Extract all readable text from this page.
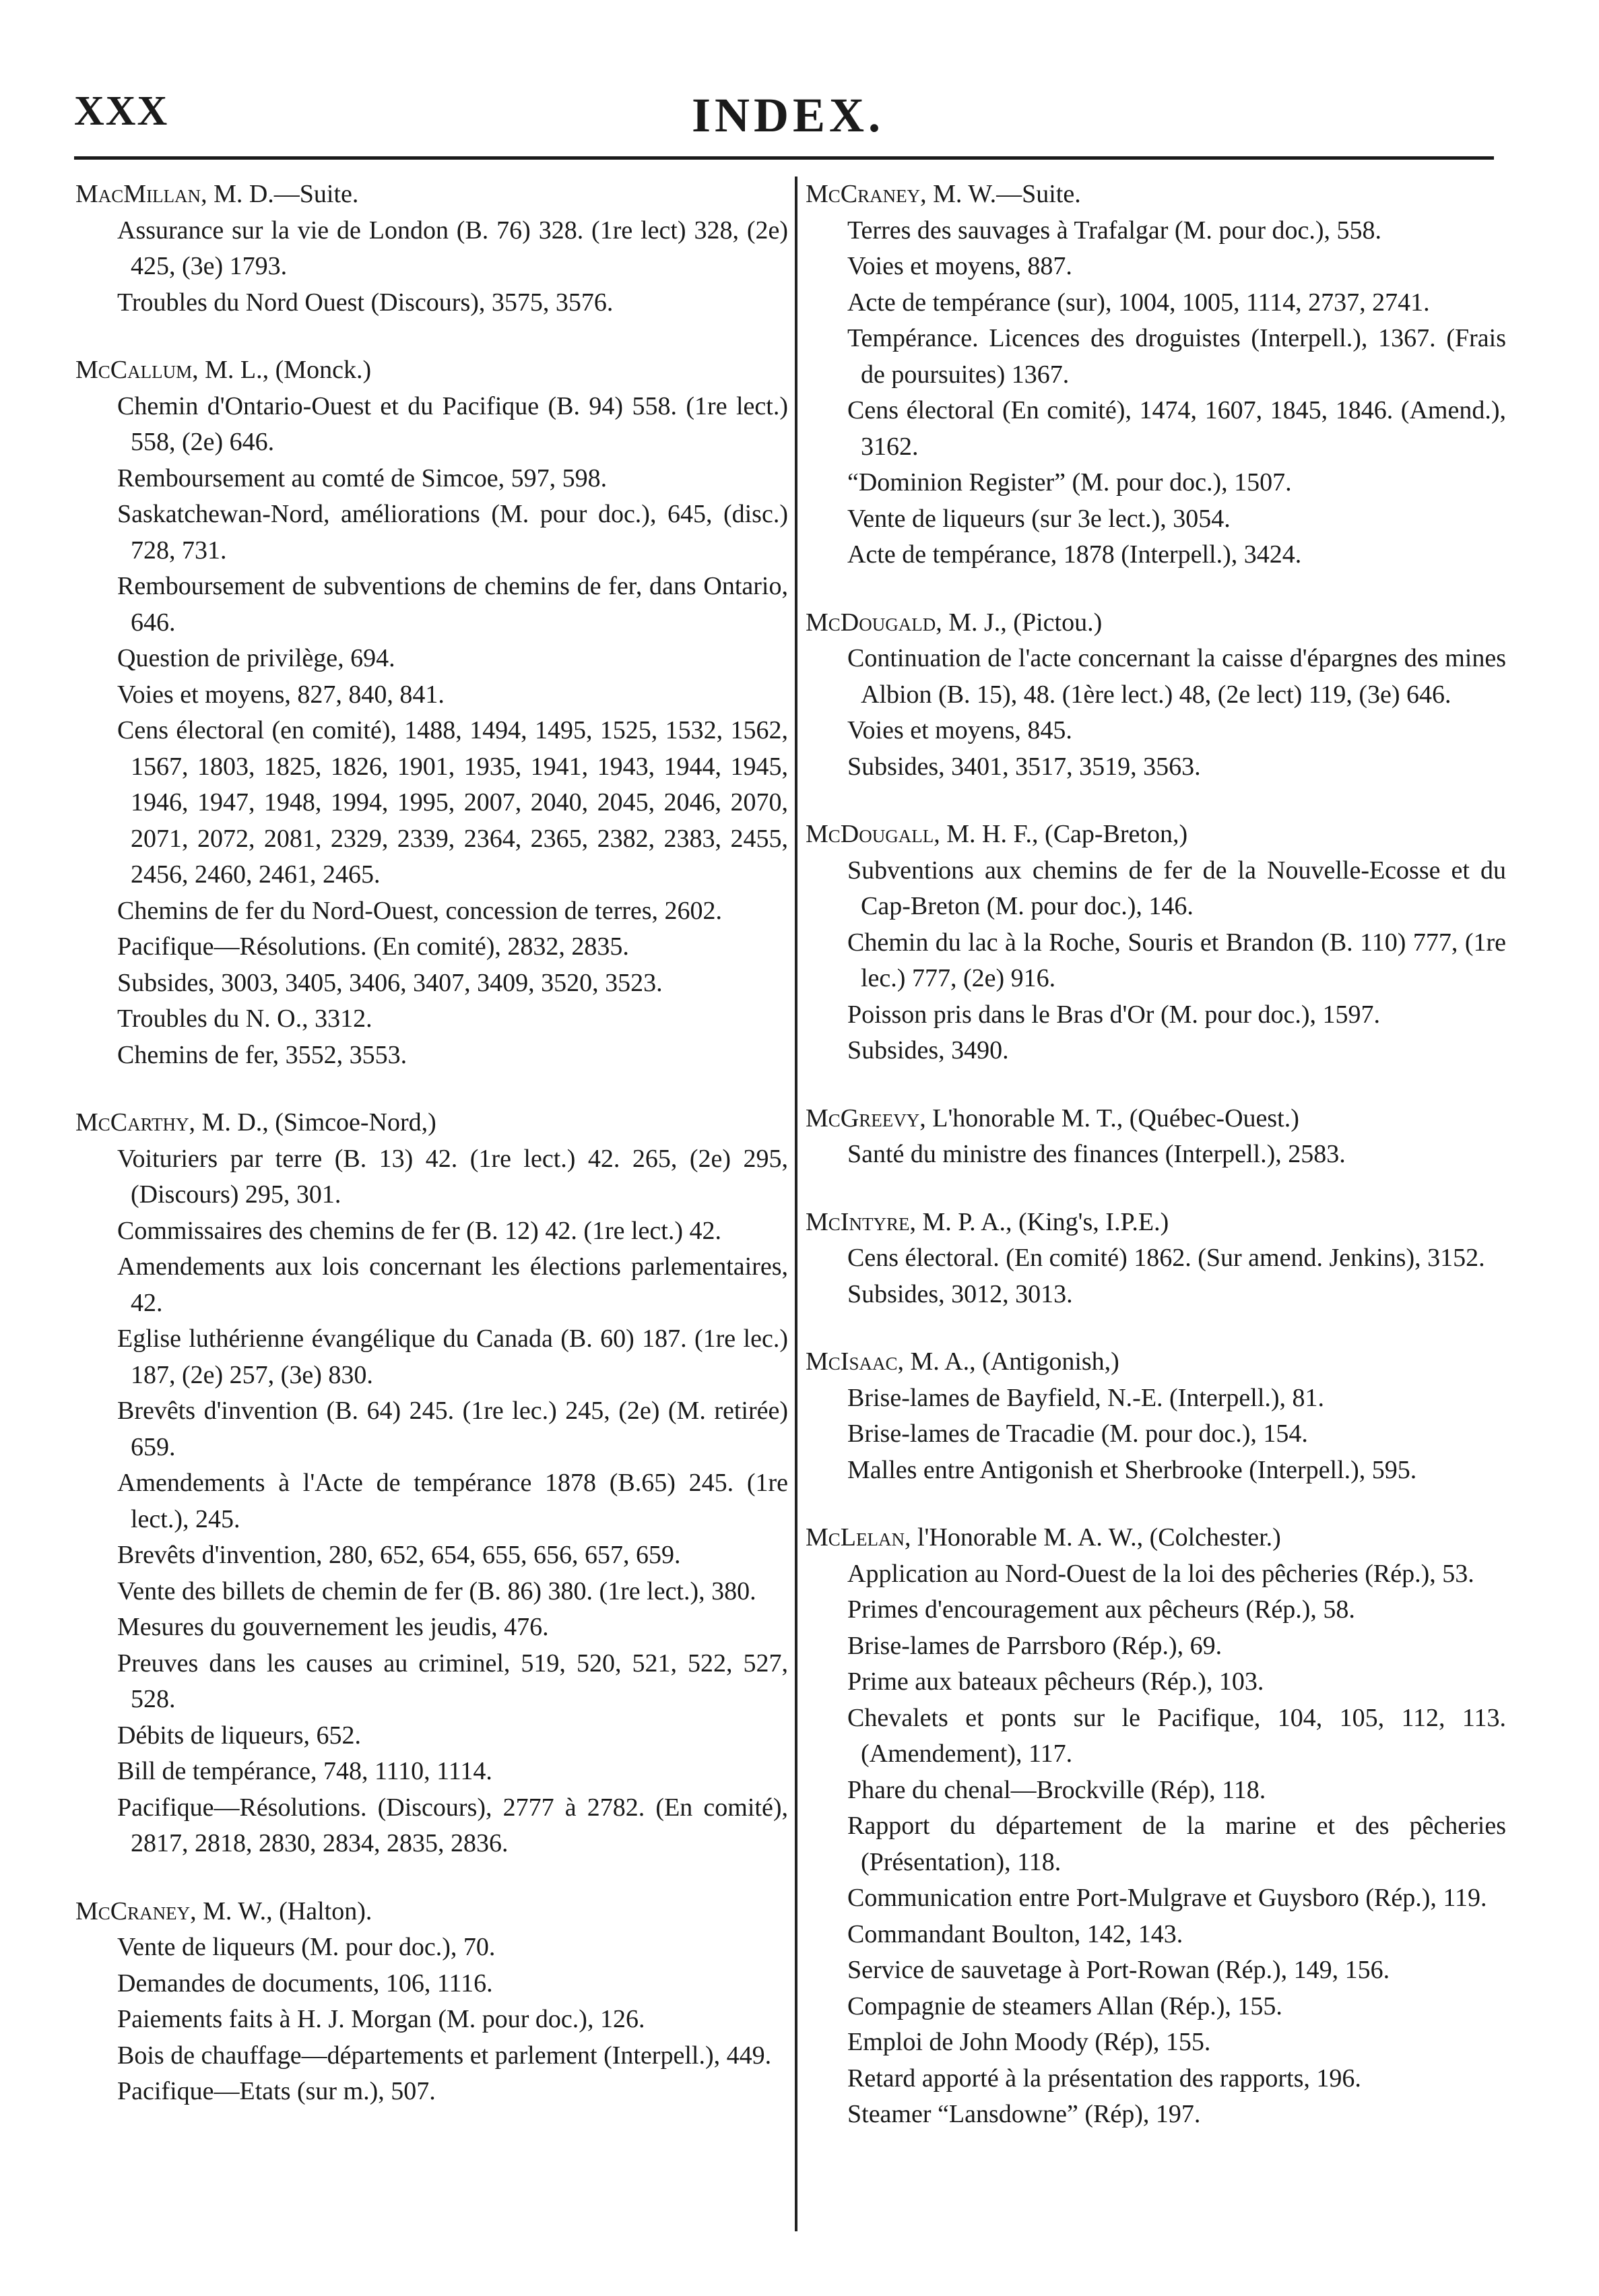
XXX	INDEX.
MacMillan, M. D.—Suite.
Assurance sur la vie de London (B. 76) 328. (1re lect) 328, (2e) 425, (3e) 1793.
Troubles du Nord Ouest (Discours), 3575, 3576.
McCallum, M. L., (Monck.)
Chemin d'Ontario-Ouest et du Pacifique (B. 94) 558. (1re lect.) 558, (2e) 646.
Remboursement au comté de Simcoe, 597, 598.
Saskatchewan-Nord, améliorations (M. pour doc.), 645, (disc.) 728, 731.
Remboursement de subventions de chemins de fer, dans Ontario, 646.
Question de privilège, 694.
Voies et moyens, 827, 840, 841.
Cens électoral (en comité), 1488, 1494, 1495, 1525, 1532, 1562, 1567, 1803, 1825, 1826, 1901, 1935, 1941, 1943, 1944, 1945, 1946, 1947, 1948, 1994, 1995, 2007, 2040, 2045, 2046, 2070, 2071, 2072, 2081, 2329, 2339, 2364, 2365, 2382, 2383, 2455, 2456, 2460, 2461, 2465.
Chemins de fer du Nord-Ouest, concession de terres, 2602.
Pacifique—Résolutions. (En comité), 2832, 2835.
Subsides, 3003, 3405, 3406, 3407, 3409, 3520, 3523.
Troubles du N. O., 3312.
Chemins de fer, 3552, 3553.
McCarthy, M. D., (Simcoe-Nord,)
Voituriers par terre (B. 13) 42. (1re lect.) 42. 265, (2e) 295, (Discours) 295, 301.
Commissaires des chemins de fer (B. 12) 42. (1re lect.) 42.
Amendements aux lois concernant les élections parlementaires, 42.
Eglise luthérienne évangélique du Canada (B. 60) 187. (1re lec.) 187, (2e) 257, (3e) 830.
Brevêts d'invention (B. 64) 245. (1re lec.) 245, (2e) (M. retirée) 659.
Amendements à l'Acte de tempérance 1878 (B.65) 245. (1re lect.), 245.
Brevêts d'invention, 280, 652, 654, 655, 656, 657, 659.
Vente des billets de chemin de fer (B. 86) 380. (1re lect.), 380.
Mesures du gouvernement les jeudis, 476.
Preuves dans les causes au criminel, 519, 520, 521, 522, 527, 528.
Débits de liqueurs, 652.
Bill de tempérance, 748, 1110, 1114.
Pacifique—Résolutions. (Discours), 2777 à 2782. (En comité), 2817, 2818, 2830, 2834, 2835, 2836.
McCraney, M. W., (Halton).
Vente de liqueurs (M. pour doc.), 70.
Demandes de documents, 106, 1116.
Paiements faits à H. J. Morgan (M. pour doc.), 126.
Bois de chauffage—départements et parlement (Interpell.), 449.
Pacifique—Etats (sur m.), 507.
McCraney, M. W.—Suite.
Terres des sauvages à Trafalgar (M. pour doc.), 558.
Voies et moyens, 887.
Acte de tempérance (sur), 1004, 1005, 1114, 2737, 2741.
Tempérance. Licences des droguistes (Interpell.), 1367. (Frais de poursuites) 1367.
Cens électoral (En comité), 1474, 1607, 1845, 1846. (Amend.), 3162.
“Dominion Register” (M. pour doc.), 1507.
Vente de liqueurs (sur 3e lect.), 3054.
Acte de tempérance, 1878 (Interpell.), 3424.
McDougald, M. J., (Pictou.)
Continuation de l'acte concernant la caisse d'épargnes des mines Albion (B. 15), 48. (1ère lect.) 48, (2e lect) 119, (3e) 646.
Voies et moyens, 845.
Subsides, 3401, 3517, 3519, 3563.
McDougall, M. H. F., (Cap-Breton,)
Subventions aux chemins de fer de la Nouvelle-Ecosse et du Cap-Breton (M. pour doc.), 146.
Chemin du lac à la Roche, Souris et Brandon (B. 110) 777, (1re lec.) 777, (2e) 916.
Poisson pris dans le Bras d'Or (M. pour doc.), 1597.
Subsides, 3490.
McGreevy, L'honorable M. T., (Québec-Ouest.)
Santé du ministre des finances (Interpell.), 2583.
McIntyre, M. P. A., (King's, I.P.E.)
Cens électoral. (En comité) 1862. (Sur amend. Jenkins), 3152.
Subsides, 3012, 3013.
McIsaac, M. A., (Antigonish,)
Brise-lames de Bayfield, N.-E. (Interpell.), 81.
Brise-lames de Tracadie (M. pour doc.), 154.
Malles entre Antigonish et Sherbrooke (Interpell.), 595.
McLelan, l'Honorable M. A. W., (Colchester.)
Application au Nord-Ouest de la loi des pêcheries (Rép.), 53.
Primes d'encouragement aux pêcheurs (Rép.), 58.
Brise-lames de Parrsboro (Rép.), 69.
Prime aux bateaux pêcheurs (Rép.), 103.
Chevalets et ponts sur le Pacifique, 104, 105, 112, 113. (Amendement), 117.
Phare du chenal—Brockville (Rép), 118.
Rapport du département de la marine et des pêcheries (Présentation), 118.
Communication entre Port-Mulgrave et Guysboro (Rép.), 119.
Commandant Boulton, 142, 143.
Service de sauvetage à Port-Rowan (Rép.), 149, 156.
Compagnie de steamers Allan (Rép.), 155.
Emploi de John Moody (Rép), 155.
Retard apporté à la présentation des rapports, 196.
Steamer “Lansdowne” (Rép), 197.
